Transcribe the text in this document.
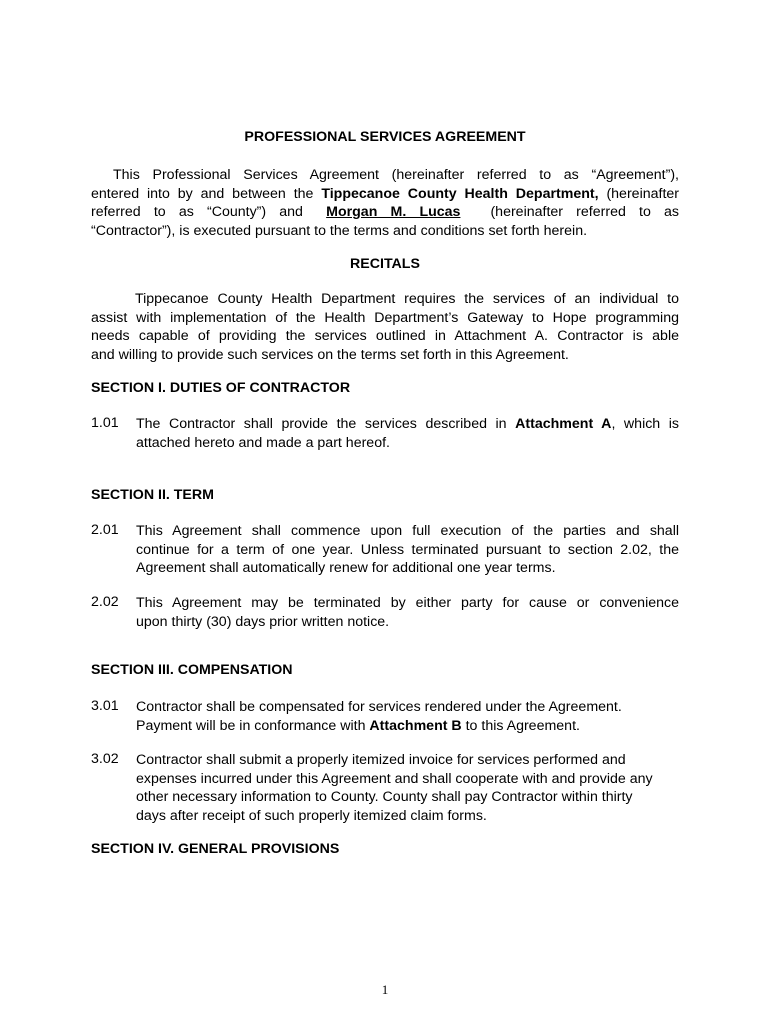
PROFESSIONAL SERVICES AGREEMENT
This Professional Services Agreement (hereinafter referred to as “Agreement”),
entered into by and between the Tippecanoe County Health Department, (hereinafter
referred to as “County”) and Morgan M. Lucas (hereinafter referred to as
“Contractor”), is executed pursuant to the terms and conditions set forth herein.
RECITALS
Tippecanoe County Health Department requires the services of an individual to
assist with implementation of the Health Department’s Gateway to Hope programming
needs capable of providing the services outlined in Attachment A. Contractor is able
and willing to provide such services on the terms set forth in this Agreement.
SECTION I. DUTIES OF CONTRACTOR
1.01 The Contractor shall provide the services described in Attachment A, which is
attached hereto and made a part hereof.
SECTION II. TERM
2.01 This Agreement shall commence upon full execution of the parties and shall
continue for a term of one year. Unless terminated pursuant to section 2.02, the
Agreement shall automatically renew for additional one year terms.
2.02 This Agreement may be terminated by either party for cause or convenience
upon thirty (30) days prior written notice.
SECTION III. COMPENSATION
3.01 Contractor shall be compensated for services rendered under the Agreement.
Payment will be in conformance with Attachment B to this Agreement.
3.02 Contractor shall submit a properly itemized invoice for services performed and
expenses incurred under this Agreement and shall cooperate with and provide any
other necessary information to County. County shall pay Contractor within thirty
days after receipt of such properly itemized claim forms.
SECTION IV. GENERAL PROVISIONS
1
